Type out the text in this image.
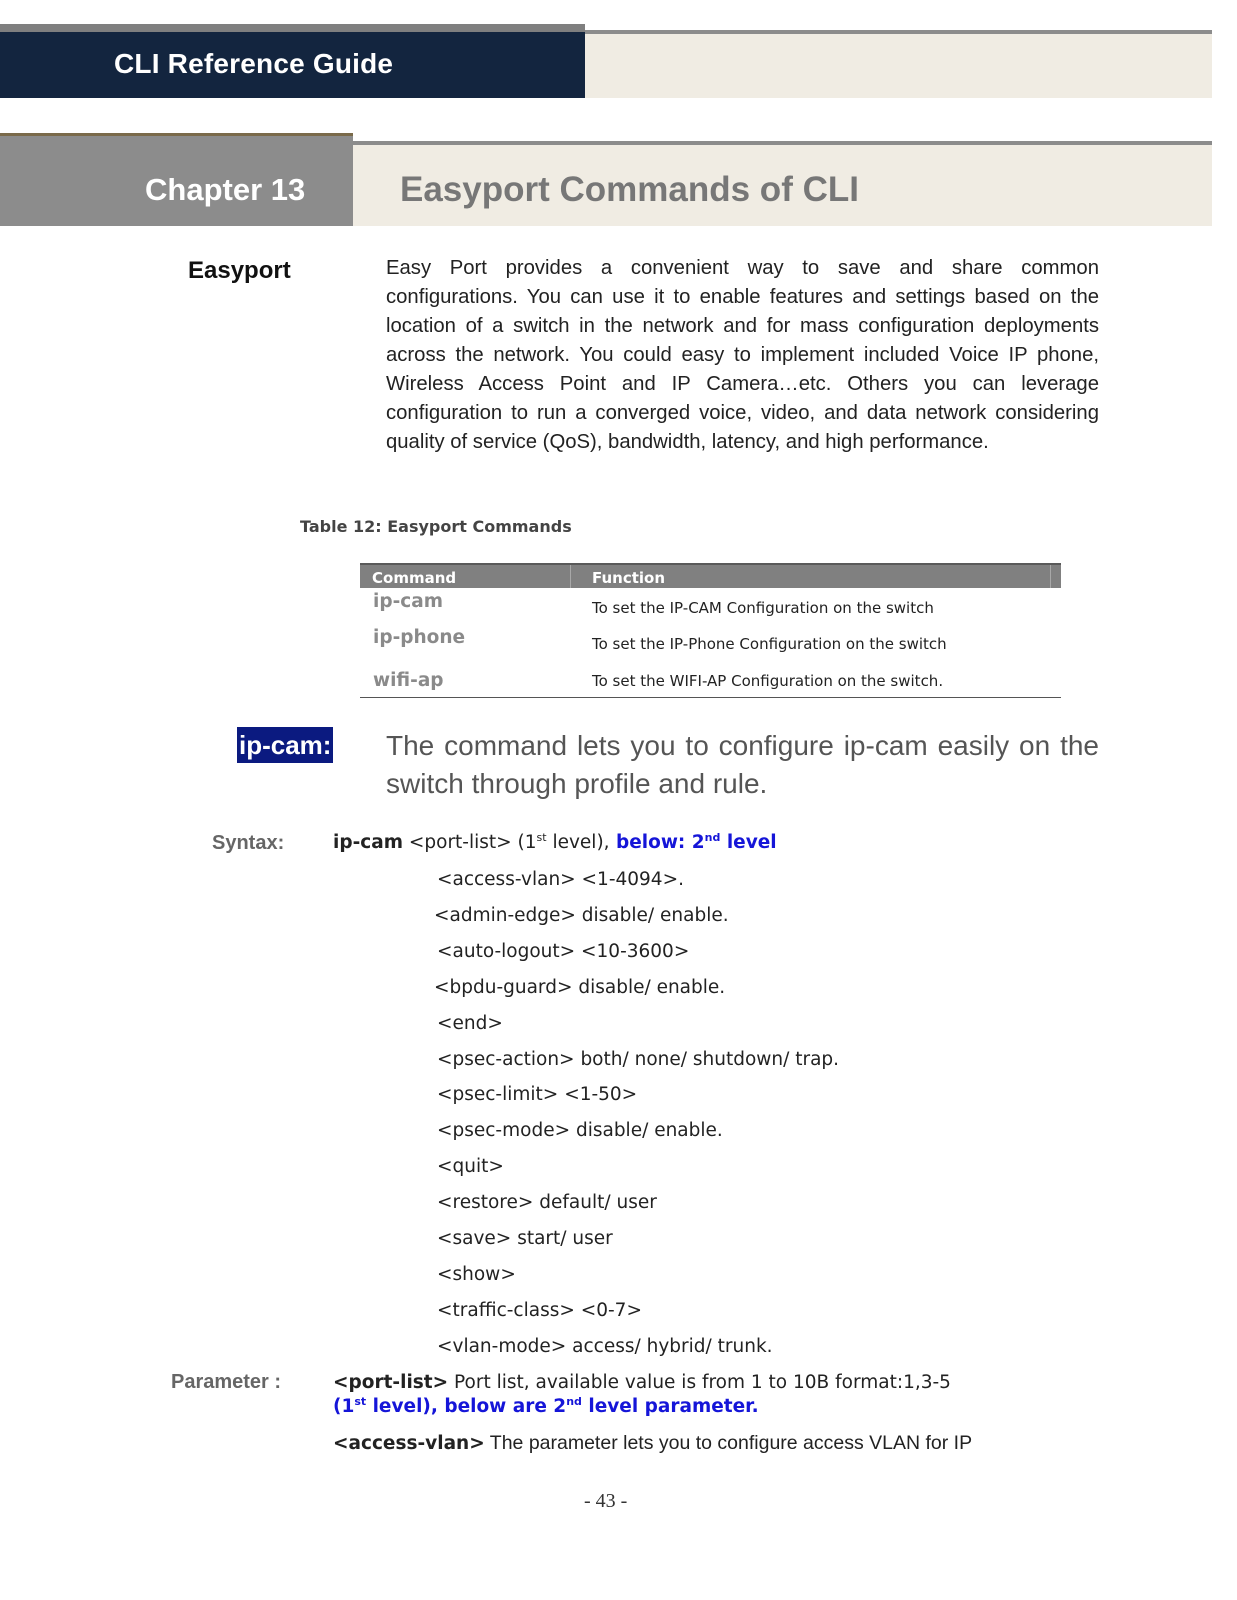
CLI Reference Guide
Chapter 13	Easyport Commands of CLI
Easyport	Easy Port provides a convenient way to save and share common configurations. You can use it to enable features and settings based on the location of a switch in the network and for mass configuration deployments across the network. You could easy to implement included Voice IP phone, Wireless Access Point and IP Camera…etc. Others you can leverage configuration to run a converged voice, video, and data network considering quality of service (QoS), bandwidth, latency, and high performance.
Table 12: Easyport Commands
Command	Function
ip-cam	To set the IP-CAM Configuration on the switch
ip-phone	To set the IP-Phone Configuration on the switch
wifi-ap	To set the WIFI-AP Configuration on the switch.
ip-cam: The command lets you to configure ip-cam easily on the switch through profile and rule.
Syntax:	ip-cam <port-list> (1st level), below: 2nd level
<access-vlan> <1-4094>.
<admin-edge> disable/ enable.
<auto-logout> <10-3600>
<bpdu-guard> disable/ enable.
<end>
<psec-action> both/ none/ shutdown/ trap.
<psec-limit> <1-50>
<psec-mode> disable/ enable.
<quit>
<restore> default/ user
<save> start/ user
<show>
<traffic-class> <0-7>
<vlan-mode> access/ hybrid/ trunk.
Parameter :	<port-list> Port list, available value is from 1 to 10B format:1,3-5
(1st level), below are 2nd level parameter.
<access-vlan> The parameter lets you to configure access VLAN for IP
- 43 -
